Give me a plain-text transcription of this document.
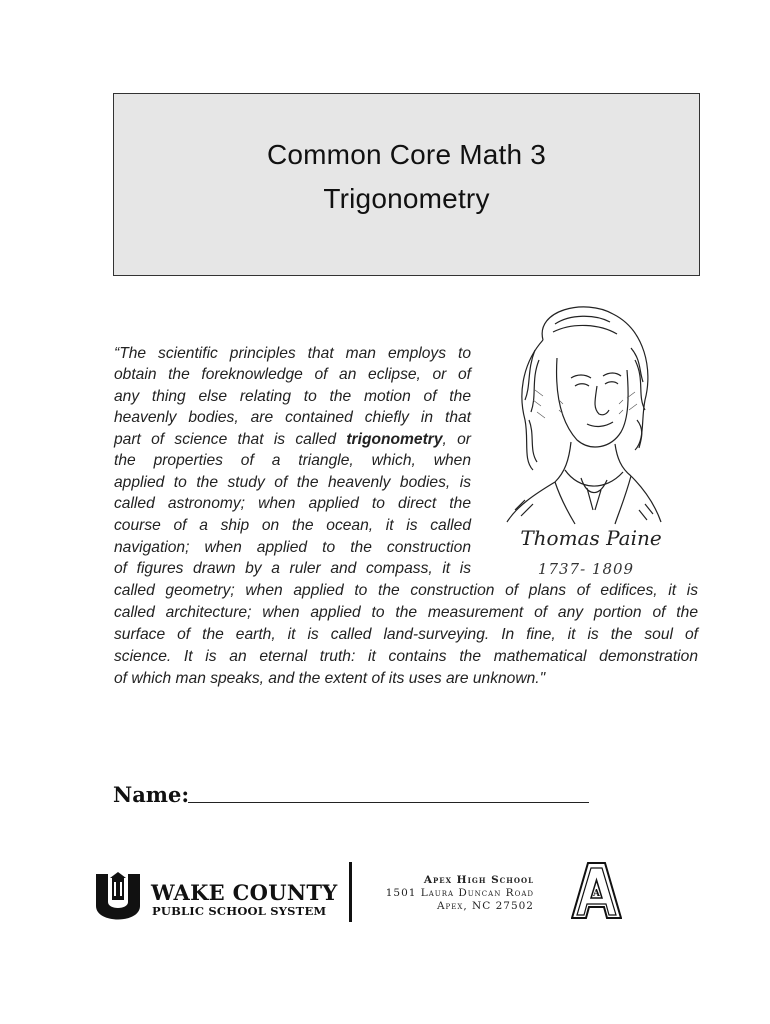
Common Core Math 3
Trigonometry
Thomas Paine
1737- 1809
“The scientific principles that man employs to
obtain the foreknowledge of an eclipse, or of
any thing else relating to the motion of the
heavenly bodies, are contained chiefly in that
part of science that is called trigonometry, or
the properties of a triangle, which, when
applied to the study of the heavenly bodies, is
called astronomy; when applied to direct the
course of a ship on the ocean, it is called
navigation; when applied to the construction
of figures drawn by a ruler and compass, it is
called geometry; when applied to the construction of plans of edifices, it is
called architecture; when applied to the measurement of any portion of the
surface of the earth, it is called land-surveying. In fine, it is the soul of
science. It is an eternal truth: it contains the mathematical demonstration
of which man speaks, and the extent of its uses are unknown."
Name:
WAKE COUNTY
PUBLIC SCHOOL SYSTEM
Apex High School
1501 Laura Duncan Road
Apex, NC 27502
A
